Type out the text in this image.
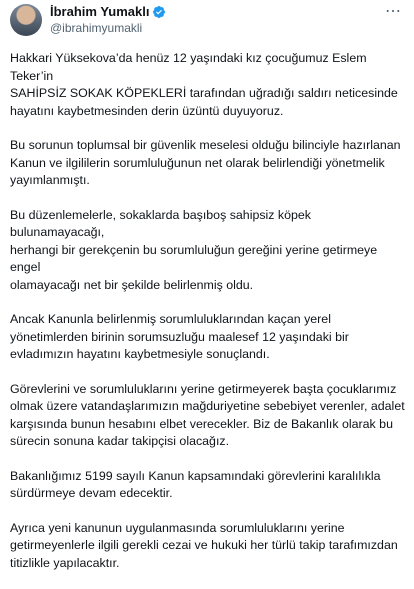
İbrahim Yumaklı
@ibrahimyumakli
⋯

Hakkari Yüksekova’da henüz 12 yaşındaki kız çocuğumuz Eslem Teker’in
SAHİPSİZ SOKAK KÖPEKLERİ tarafından uğradığı saldırı neticesinde
hayatını kaybetmesinden derin üzüntü duyuyoruz.

Bu sorunun toplumsal bir güvenlik meselesi olduğu bilinciyle hazırlanan
Kanun ve ilgililerin sorumluluğunun net olarak belirlendiği yönetmelik
yayımlanmıştı.

Bu düzenlemelerle, sokaklarda başıboş sahipsiz köpek bulunamayacağı,
herhangi bir gerekçenin bu sorumluluğun gereğini yerine getirmeye engel
olamayacağı net bir şekilde belirlenmiş oldu.

Ancak Kanunla belirlenmiş sorumluluklarından kaçan yerel
yönetimlerden birinin sorumsuzluğu maalesef 12 yaşındaki bir
evladımızın hayatını kaybetmesiyle sonuçlandı.

Görevlerini ve sorumluluklarını yerine getirmeyerek başta çocuklarımız
olmak üzere vatandaşlarımızın mağduriyetine sebebiyet verenler, adalet
karşısında bunun hesabını elbet verecekler. Biz de Bakanlık olarak bu
sürecin sonuna kadar takipçisi olacağız.

Bakanlığımız 5199 sayılı Kanun kapsamındaki görevlerini karalılıkla
sürdürmeye devam edecektir.

Ayrıca yeni kanunun uygulanmasında sorumluluklarını yerine
getirmeyenlerle ilgili gerekli cezai ve hukuki her türlü takip tarafımızdan
titizlikle yapılacaktır.
